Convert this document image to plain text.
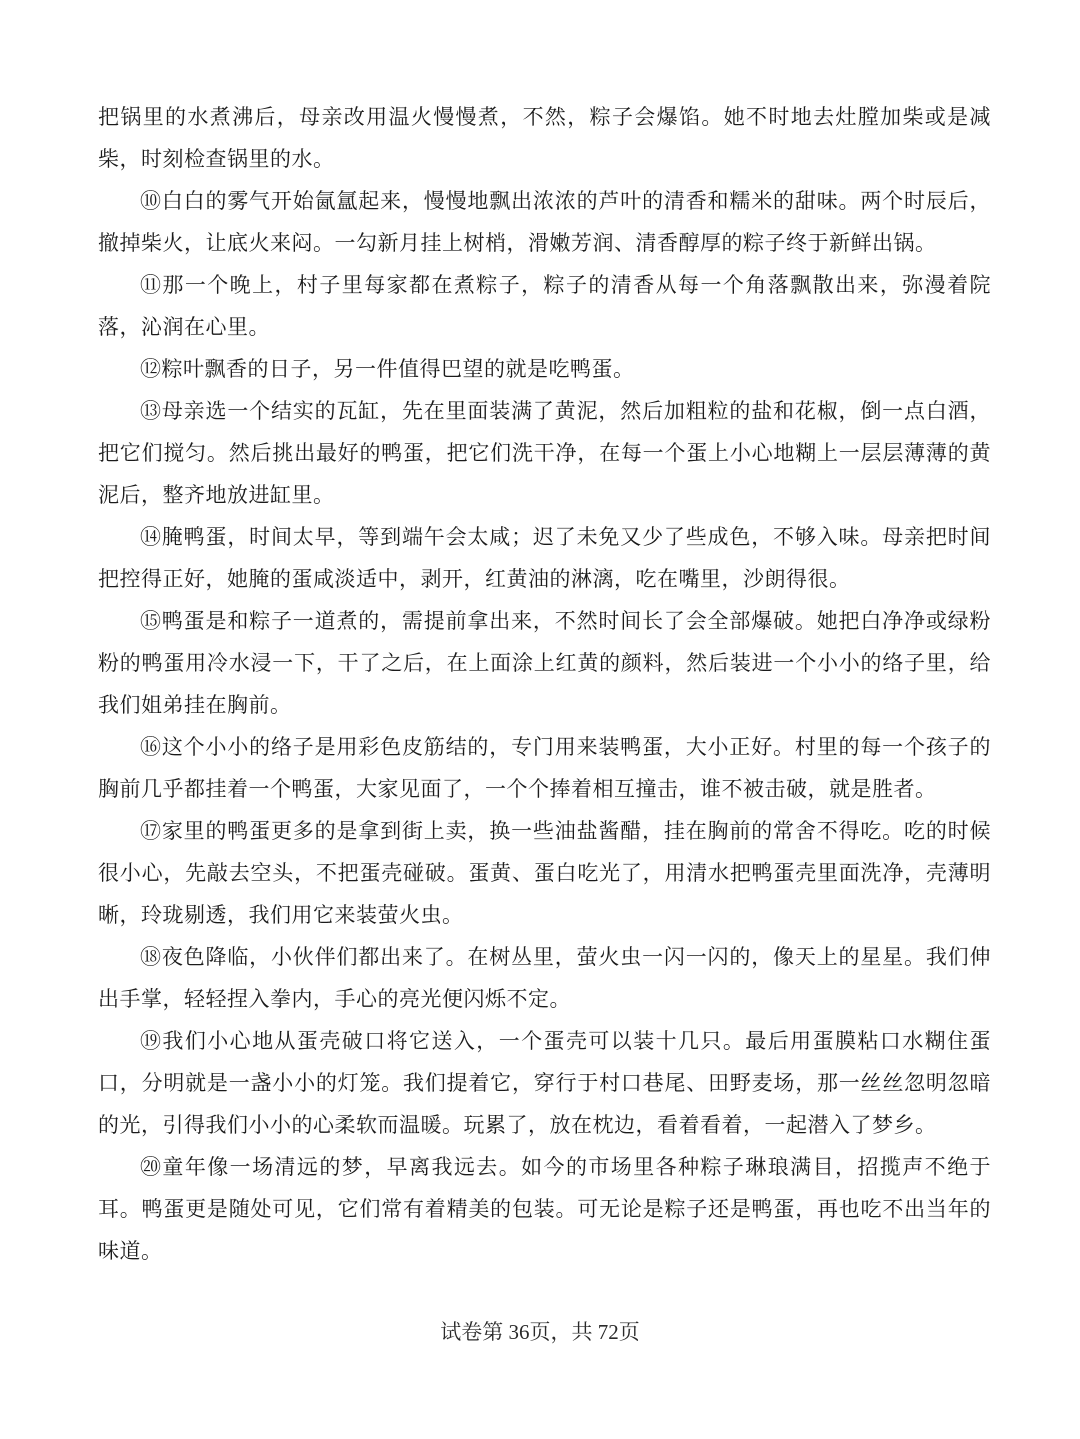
把锅里的水煮沸后，母亲改用温火慢慢煮，不然，粽子会爆馅。她不时地去灶膛加柴或是减柴，时刻检查锅里的水。

⑩白白的雾气开始氤氲起来，慢慢地飘出浓浓的芦叶的清香和糯米的甜味。两个时辰后，撤掉柴火，让底火来闷。一勾新月挂上树梢，滑嫩芳润、清香醇厚的粽子终于新鲜出锅。

⑪那一个晚上，村子里每家都在煮粽子，粽子的清香从每一个角落飘散出来，弥漫着院落，沁润在心里。

⑫粽叶飘香的日子，另一件值得巴望的就是吃鸭蛋。

⑬母亲选一个结实的瓦缸，先在里面装满了黄泥，然后加粗粒的盐和花椒，倒一点白酒，把它们搅匀。然后挑出最好的鸭蛋，把它们洗干净，在每一个蛋上小心地糊上一层层薄薄的黄泥后，整齐地放进缸里。

⑭腌鸭蛋，时间太早，等到端午会太咸；迟了未免又少了些成色，不够入味。母亲把时间把控得正好，她腌的蛋咸淡适中，剥开，红黄油的淋漓，吃在嘴里，沙朗得很。

⑮鸭蛋是和粽子一道煮的，需提前拿出来，不然时间长了会全部爆破。她把白净净或绿粉粉的鸭蛋用冷水浸一下，干了之后，在上面涂上红黄的颜料，然后装进一个小小的络子里，给我们姐弟挂在胸前。

⑯这个小小的络子是用彩色皮筋结的，专门用来装鸭蛋，大小正好。村里的每一个孩子的胸前几乎都挂着一个鸭蛋，大家见面了，一个个捧着相互撞击，谁不被击破，就是胜者。

⑰家里的鸭蛋更多的是拿到街上卖，换一些油盐酱醋，挂在胸前的常舍不得吃。吃的时候很小心，先敲去空头，不把蛋壳碰破。蛋黄、蛋白吃光了，用清水把鸭蛋壳里面洗净，壳薄明晰，玲珑剔透，我们用它来装萤火虫。

⑱夜色降临，小伙伴们都出来了。在树丛里，萤火虫一闪一闪的，像天上的星星。我们伸出手掌，轻轻捏入拳内，手心的亮光便闪烁不定。

⑲我们小心地从蛋壳破口将它送入，一个蛋壳可以装十几只。最后用蛋膜粘口水糊住蛋口，分明就是一盏小小的灯笼。我们提着它，穿行于村口巷尾、田野麦场，那一丝丝忽明忽暗的光，引得我们小小的心柔软而温暖。玩累了，放在枕边，看着看着，一起潜入了梦乡。

⑳童年像一场清远的梦，早离我远去。如今的市场里各种粽子琳琅满目，招揽声不绝于耳。鸭蛋更是随处可见，它们常有着精美的包装。可无论是粽子还是鸭蛋，再也吃不出当年的味道。

试卷第 36页，共 72页
